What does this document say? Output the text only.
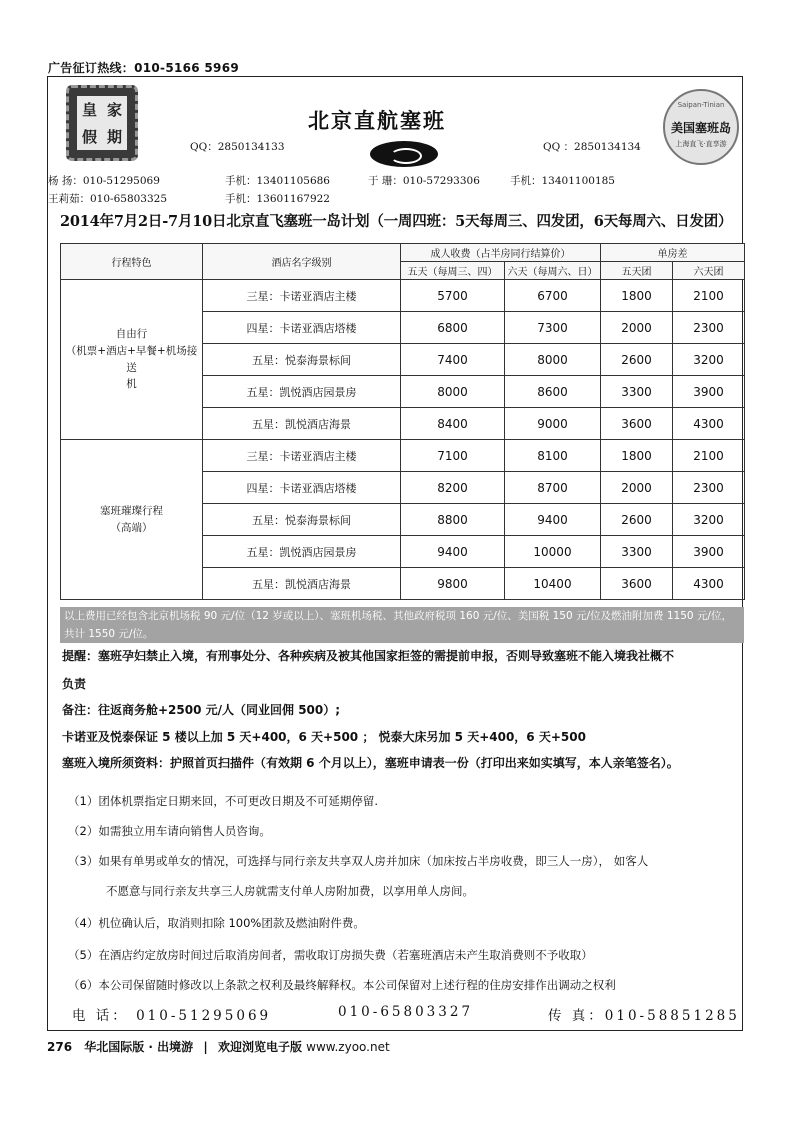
广告征订热线：010-5166 5969
皇 家
假 期
北京直航塞班
QQ：2850134133	QQ ：2850134134
Saipan-Tinian
美国塞班岛
上海直飞·直享游
杨 扬：010-51295069	手机：13401105686	于 珊：010-57293306	手机：13401100185
王莉茹：010-65803325	手机：13601167922
2014年7月2日-7月10日北京直飞塞班一岛计划（一周四班：5天每周三、四发团，6天每周六、日发团）
行程特色	酒店名字级别	成人收费（占半房同行结算价）		单房差	
		五天（每周三、四）	六天（每周六、日）	五天团	六天团

自由行
（机票+酒店+早餐+机场接送
机	三星：卡诺亚酒店主楼	5700	6700	1800	2100
	四星：卡诺亚酒店塔楼	6800	7300	2000	2300
	五星：悦泰海景标间	7400	8000	2600	3200
	五星：凯悦酒店园景房	8000	8600	3300	3900
	五星：凯悦酒店海景	8400	9000	3600	4300

塞班璀璨行程
（高端）	三星：卡诺亚酒店主楼	7100	8100	1800	2100
	四星：卡诺亚酒店塔楼	8200	8700	2000	2300
	五星：悦泰海景标间	8800	9400	2600	3200
	五星：凯悦酒店园景房	9400	10000	3300	3900
	五星：凯悦酒店海景	9800	10400	3600	4300
以上费用已经包含北京机场税 90 元/位（12 岁或以上）、塞班机场税、其他政府税项 160 元/位、美国税 150 元/位及燃油附加费 1150 元/位，共计 1550 元/位。
提醒：塞班孕妇禁止入境，有刑事处分、各种疾病及被其他国家拒签的需提前申报，否则导致塞班不能入境我社概不
负责
备注：往返商务舱+2500 元/人（同业回佣 500）;
卡诺亚及悦泰保证 5 楼以上加 5 天+400，6 天+500 ； 悦泰大床另加 5 天+400，6 天+500
塞班入境所须资料：护照首页扫描件（有效期 6 个月以上），塞班申请表一份（打印出来如实填写，本人亲笔签名）。
（1）团体机票指定日期来回，不可更改日期及不可延期停留.
（2）如需独立用车请向销售人员咨询。
（3）如果有单男或单女的情况，可选择与同行亲友共享双人房并加床（加床按占半房收费，即三人一房）， 如客人
不愿意与同行亲友共享三人房就需支付单人房附加费，以享用单人房间。
（4）机位确认后，取消则扣除 100%团款及燃油附件费。
（5）在酒店约定放房时间过后取消房间者，需收取订房损失费（若塞班酒店未产生取消费则不予收取）
（6）本公司保留随时修改以上条款之权利及最终解释权。本公司保留对上述行程的住房安排作出调动之权利
电 话： 010-51295069	010-65803327	传 真：010-58851285
276 华北国际版 · 出境游 | 欢迎浏览电子版 www.zyoo.net
